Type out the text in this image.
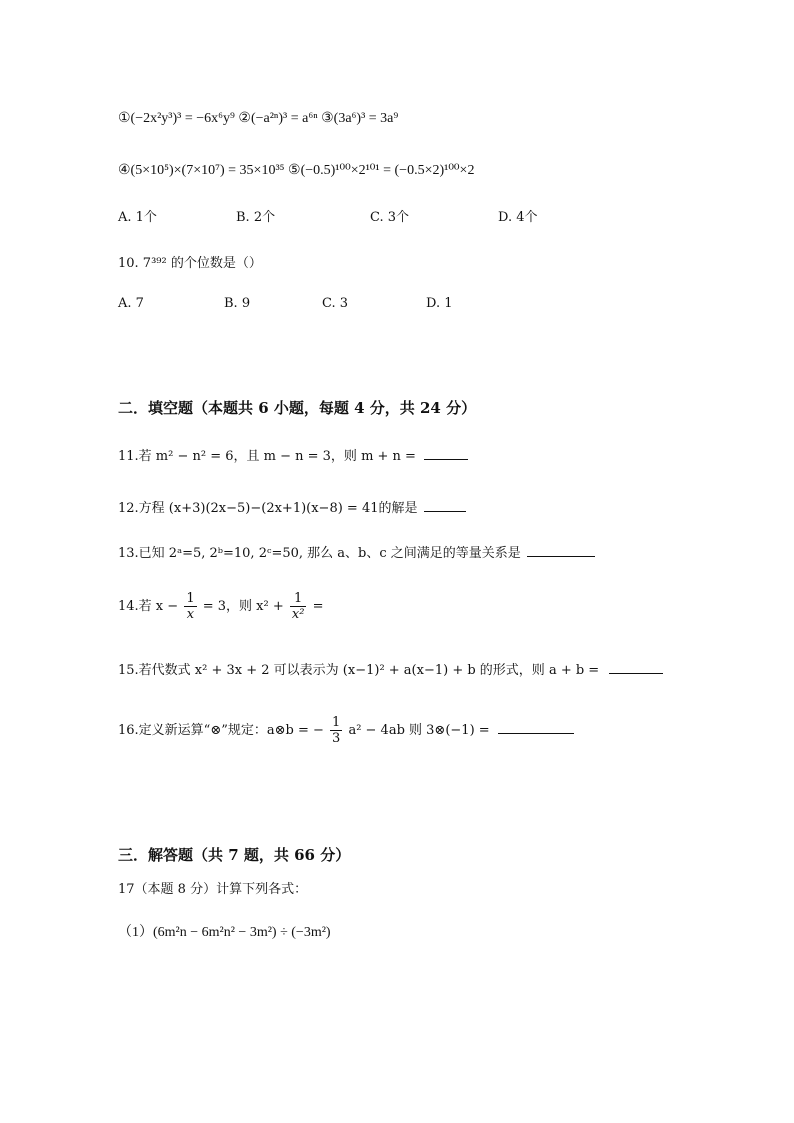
①(−2x²y³)³ = −6x⁶y⁹ ②(−a²ⁿ)³ = a⁶ⁿ ③(3a⁶)³ = 3a⁹
④(5×10⁵)×(7×10⁷) = 35×10³⁵ ⑤(−0.5)¹⁰⁰×2¹⁰¹ = (−0.5×2)¹⁰⁰×2
A. 1个	B. 2个	C. 3个	D. 4个
10. 7³⁹² 的个位数是（）
A. 7	B. 9	C. 3	D. 1
二．填空题（本题共 6 小题，每题 4 分，共 24 分）
11.若 m² − n² = 6，且 m − n = 3，则 m + n =
12.方程 (x+3)(2x−5)−(2x+1)(x−8) = 41的解是
13.已知 2ᵃ=5, 2ᵇ=10, 2ᶜ=50, 那么 a、b、c 之间满足的等量关系是
14.若 $x - \frac{1}{x} = 3$，则 $x^2 + \frac{1}{\text{x²}}$ =
15.若代数式 x² + 3x + 2 可以表示为 (x−1)² + a(x−1) + b 的形式，则 a + b =
16.定义新运算“⊗”规定：a⊗b = − $\frac{1}{3} a^2 - 4ab$ 则 3⊗(−1) =
三．解答题（共 7 题，共 66 分）
17（本题 8 分）计算下列各式：
（1）(6m²n − 6m²n² − 3m²) ÷ (−3m²)
